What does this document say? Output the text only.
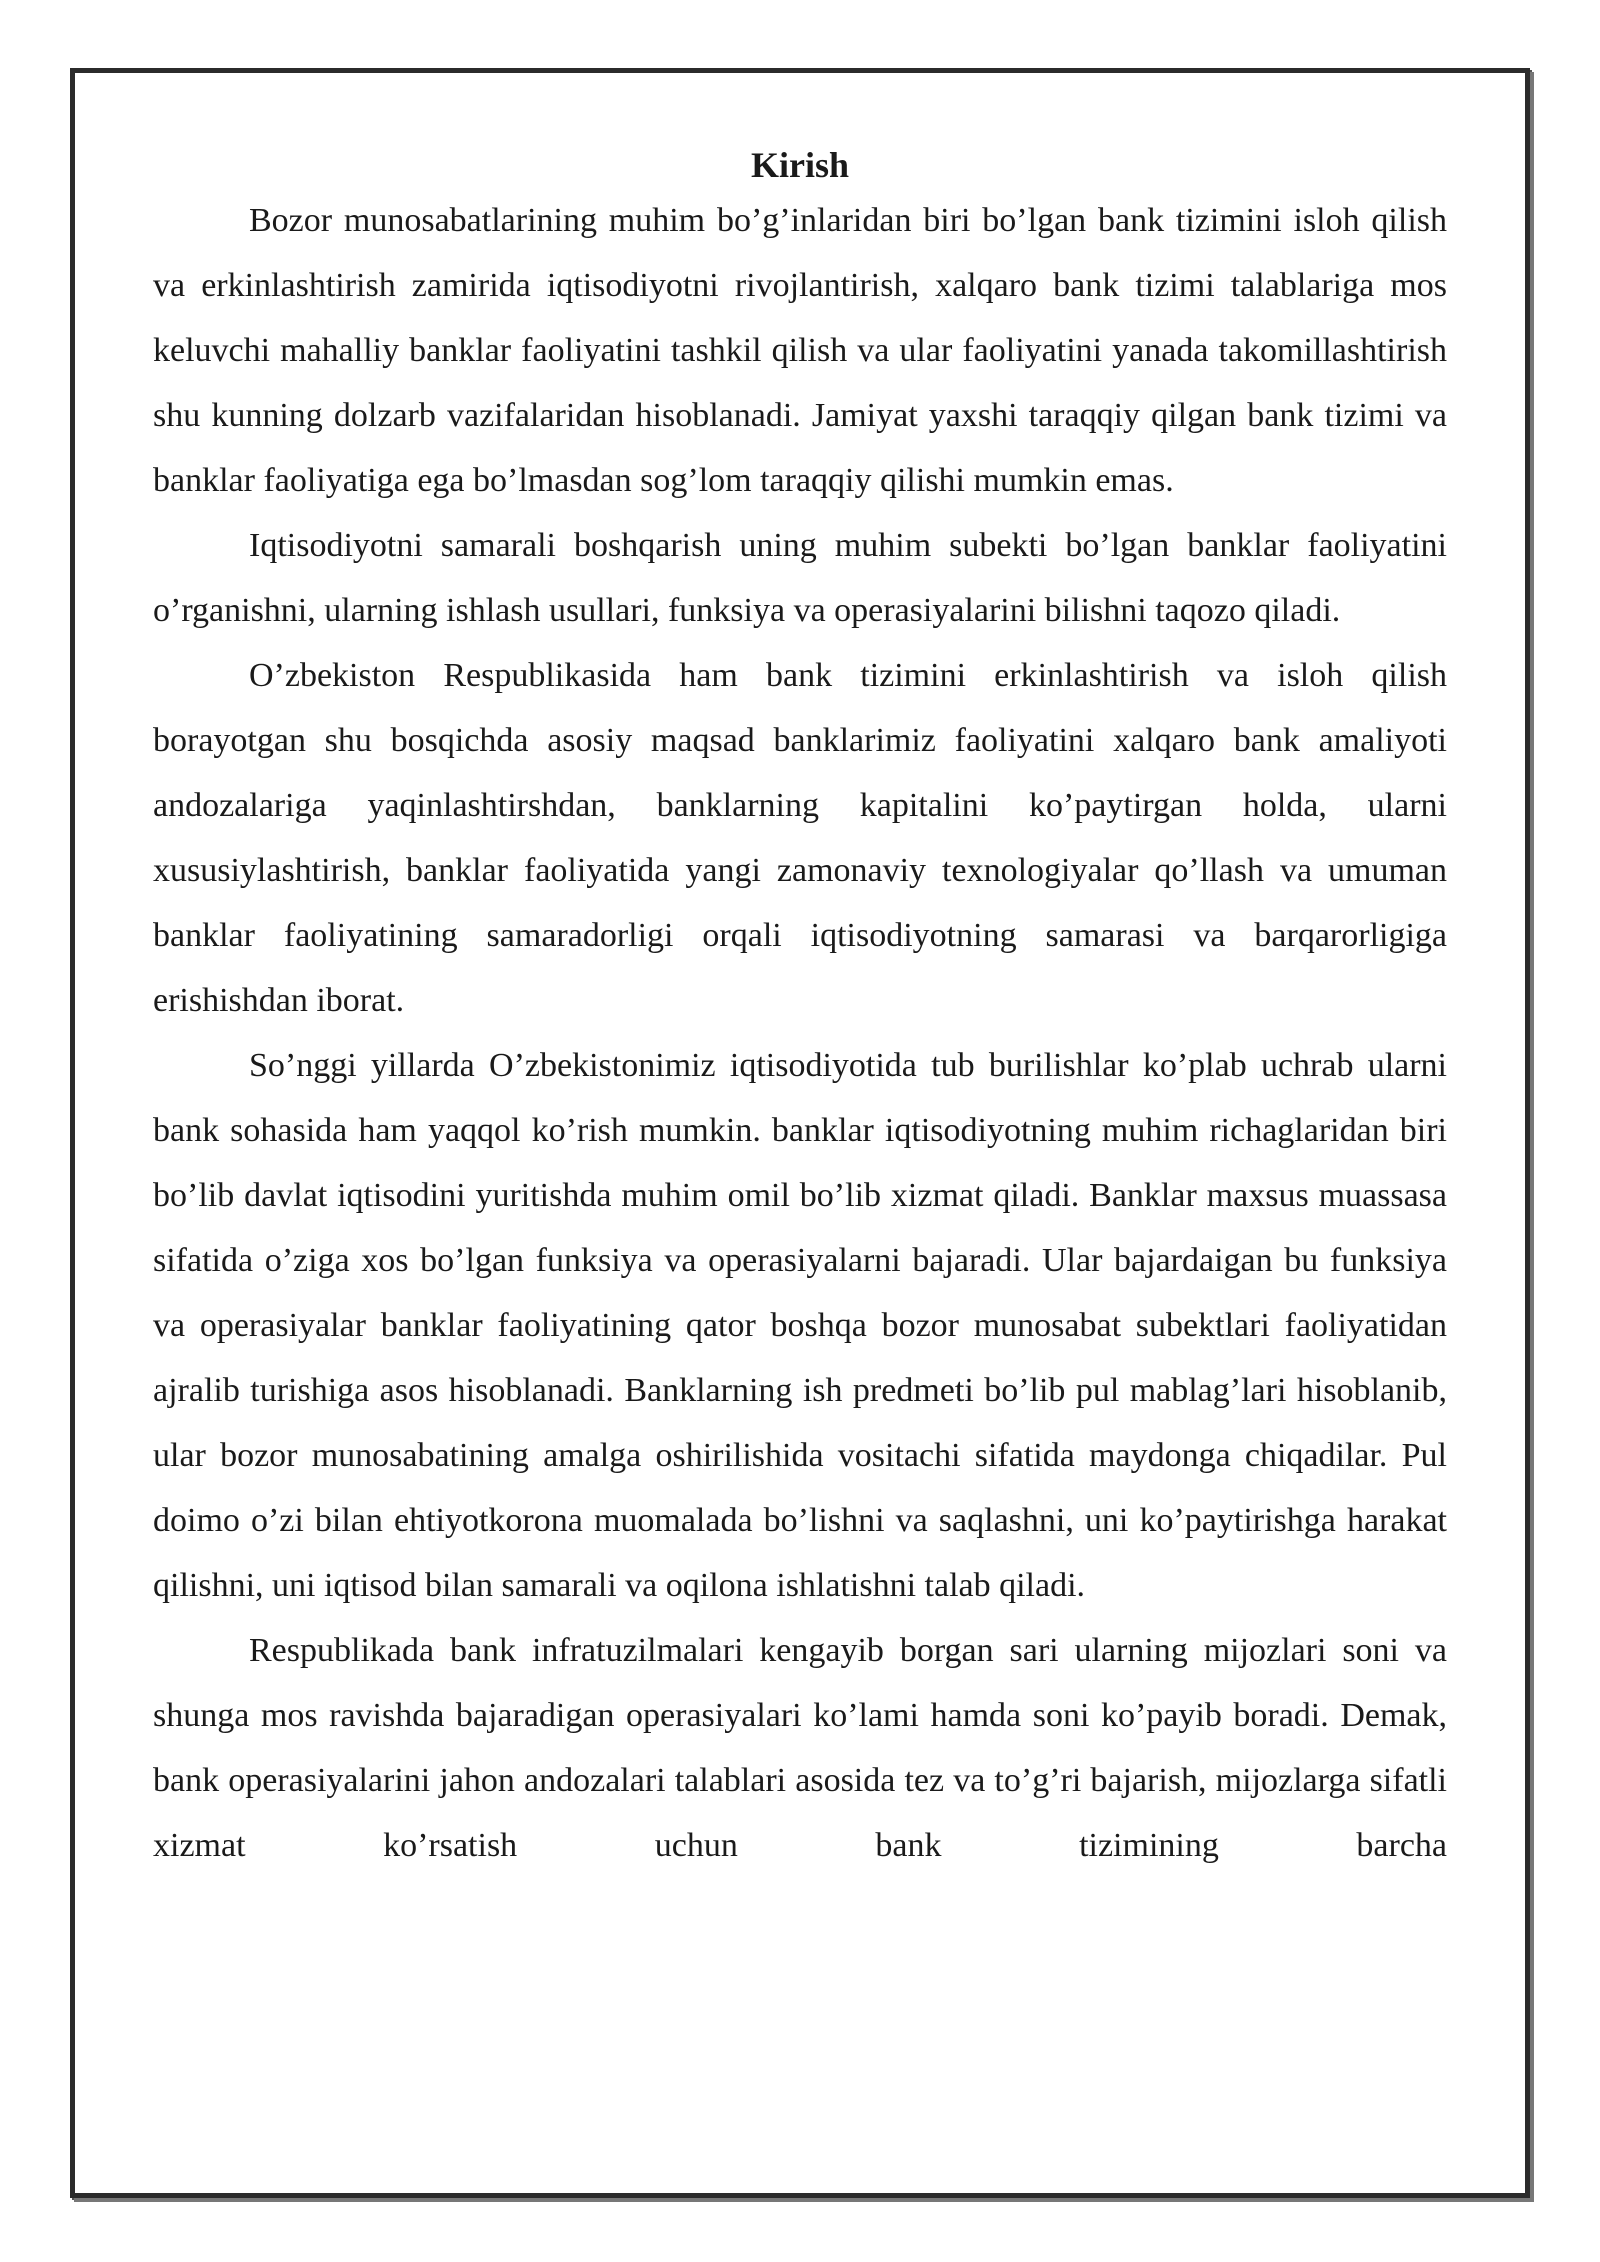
Kirish

Bozor munosabatlarining muhim bo’g’inlaridan biri bo’lgan bank tizimini isloh qilish va erkinlashtirish zamirida iqtisodiyotni rivojlantirish, xalqaro bank tizimi talablariga mos keluvchi mahalliy banklar faoliyatini tashkil qilish va ular faoliyatini yanada takomillashtirish shu kunning dolzarb vazifalaridan hisoblanadi. Jamiyat yaxshi taraqqiy qilgan bank tizimi va banklar faoliyatiga ega bo’lmasdan sog’lom taraqqiy qilishi mumkin emas.

Iqtisodiyotni samarali boshqarish uning muhim subekti bo’lgan banklar faoliyatini o’rganishni, ularning ishlash usullari, funksiya va operasiyalarini bilishni taqozo qiladi.

O’zbekiston Respublikasida ham bank tizimini erkinlashtirish va isloh qilish borayotgan shu bosqichda asosiy maqsad banklarimiz faoliyatini xalqaro bank amaliyoti andozalariga yaqinlashtirshdan, banklarning kapitalini ko’paytirgan holda, ularni xususiylashtirish, banklar faoliyatida yangi zamonaviy texnologiyalar qo’llash va umuman banklar faoliyatining samaradorligi orqali iqtisodiyotning samarasi va barqarorligiga erishishdan iborat.

So’nggi yillarda O’zbekistonimiz iqtisodiyotida tub burilishlar ko’plab uchrab ularni bank sohasida ham yaqqol ko’rish mumkin. banklar iqtisodiyotning muhim richaglaridan biri bo’lib davlat iqtisodini yuritishda muhim omil bo’lib xizmat qiladi. Banklar maxsus muassasa sifatida o’ziga xos bo’lgan funksiya va operasiyalarni bajaradi. Ular bajardaigan bu funksiya va operasiyalar banklar faoliyatining qator boshqa bozor munosabat subektlari faoliyatidan ajralib turishiga asos hisoblanadi. Banklarning ish predmeti bo’lib pul mablag’lari hisoblanib, ular bozor munosabatining amalga oshirilishida vositachi sifatida maydonga chiqadilar. Pul doimo o’zi bilan ehtiyotkorona muomalada bo’lishni va saqlashni, uni ko’paytirishga harakat qilishni, uni iqtisod bilan samarali va oqilona ishlatishni talab qiladi.

Respublikada bank infratuzilmalari kengayib borgan sari ularning mijozlari soni va shunga mos ravishda bajaradigan operasiyalari ko’lami hamda soni ko’payib boradi. Demak, bank operasiyalarini jahon andozalari talablari asosida tez va to’g’ri bajarish, mijozlarga sifatli xizmat ko’rsatish uchun bank tizimining barcha
